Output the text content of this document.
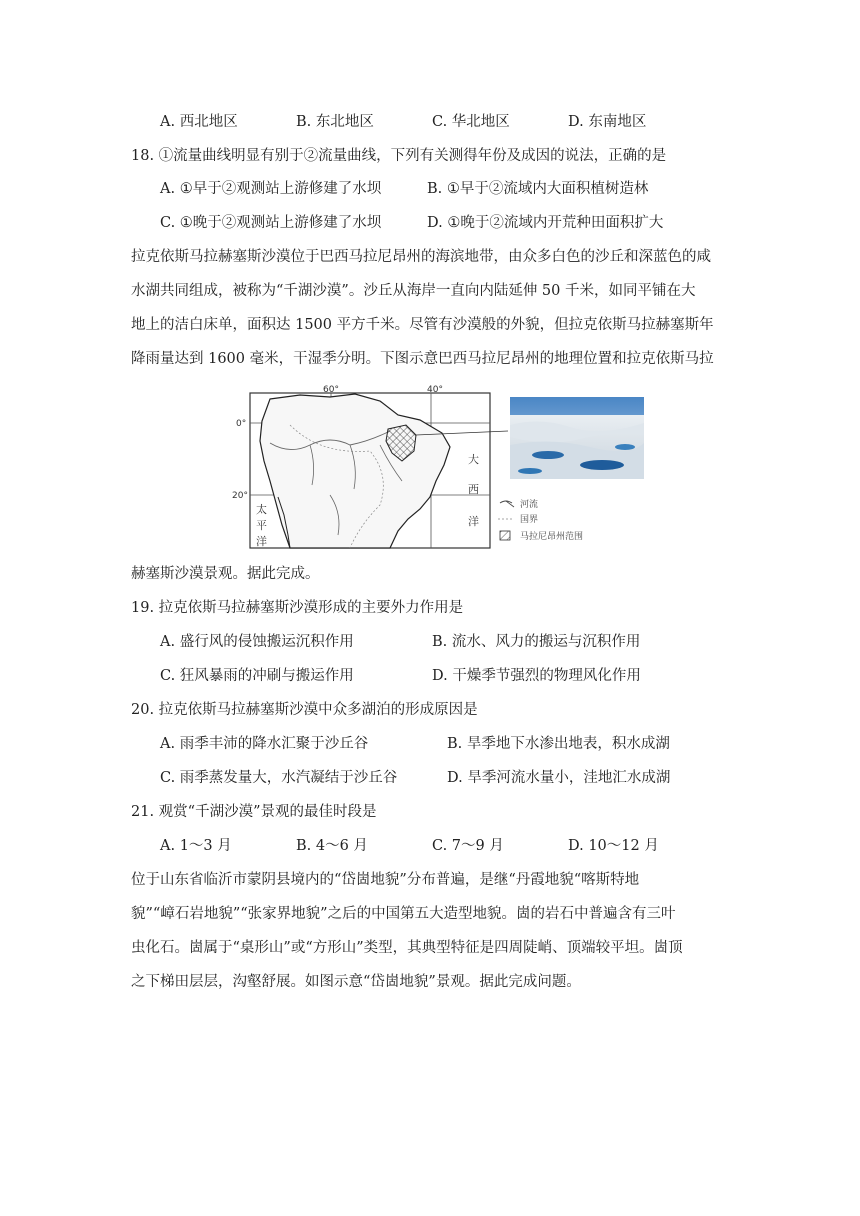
A. 西北地区	B. 东北地区	C. 华北地区	D. 东南地区
18. ①流量曲线明显有别于②流量曲线，下列有关测得年份及成因的说法，正确的是
A. ①早于②观测站上游修建了水坝	B. ①早于②流域内大面积植树造林
C. ①晚于②观测站上游修建了水坝	D. ①晚于②流域内开荒种田面积扩大
拉克依斯马拉赫塞斯沙漠位于巴西马拉尼昂州的海滨地带，由众多白色的沙丘和深蓝色的咸
水湖共同组成，被称为“千湖沙漠”。沙丘从海岸一直向内陆延伸 50 千米，如同平铺在大
地上的洁白床单，面积达 1500 平方千米。尽管有沙漠般的外貌，但拉克依斯马拉赫塞斯年
降雨量达到 1600 毫米，干湿季分明。下图示意巴西马拉尼昂州的地理位置和拉克依斯马拉
60°	40°
0°
20°
大
西
洋
太
平
洋
河流
国界
马拉尼昂州范围
赫塞斯沙漠景观。据此完成。
19. 拉克依斯马拉赫塞斯沙漠形成的主要外力作用是
A. 盛行风的侵蚀搬运沉积作用	B. 流水、风力的搬运与沉积作用
C. 狂风暴雨的冲刷与搬运作用	D. 干燥季节强烈的物理风化作用
20. 拉克依斯马拉赫塞斯沙漠中众多湖泊的形成原因是
A. 雨季丰沛的降水汇聚于沙丘谷	B. 旱季地下水渗出地表，积水成湖
C. 雨季蒸发量大，水汽凝结于沙丘谷	D. 旱季河流水量小，洼地汇水成湖
21. 观赏“千湖沙漠”景观的最佳时段是
A. 1～3 月	B. 4～6 月	C. 7～9 月	D. 10～12 月
位于山东省临沂市蒙阴县境内的“岱崮地貌”分布普遍，是继“丹霞地貌“喀斯特地
貌”“嶂石岩地貌”“张家界地貌”之后的中国第五大造型地貌。崮的岩石中普遍含有三叶
虫化石。崮属于“桌形山”或“方形山”类型，其典型特征是四周陡峭、顶端较平坦。崮顶
之下梯田层层，沟壑舒展。如图示意“岱崮地貌”景观。据此完成问题。
